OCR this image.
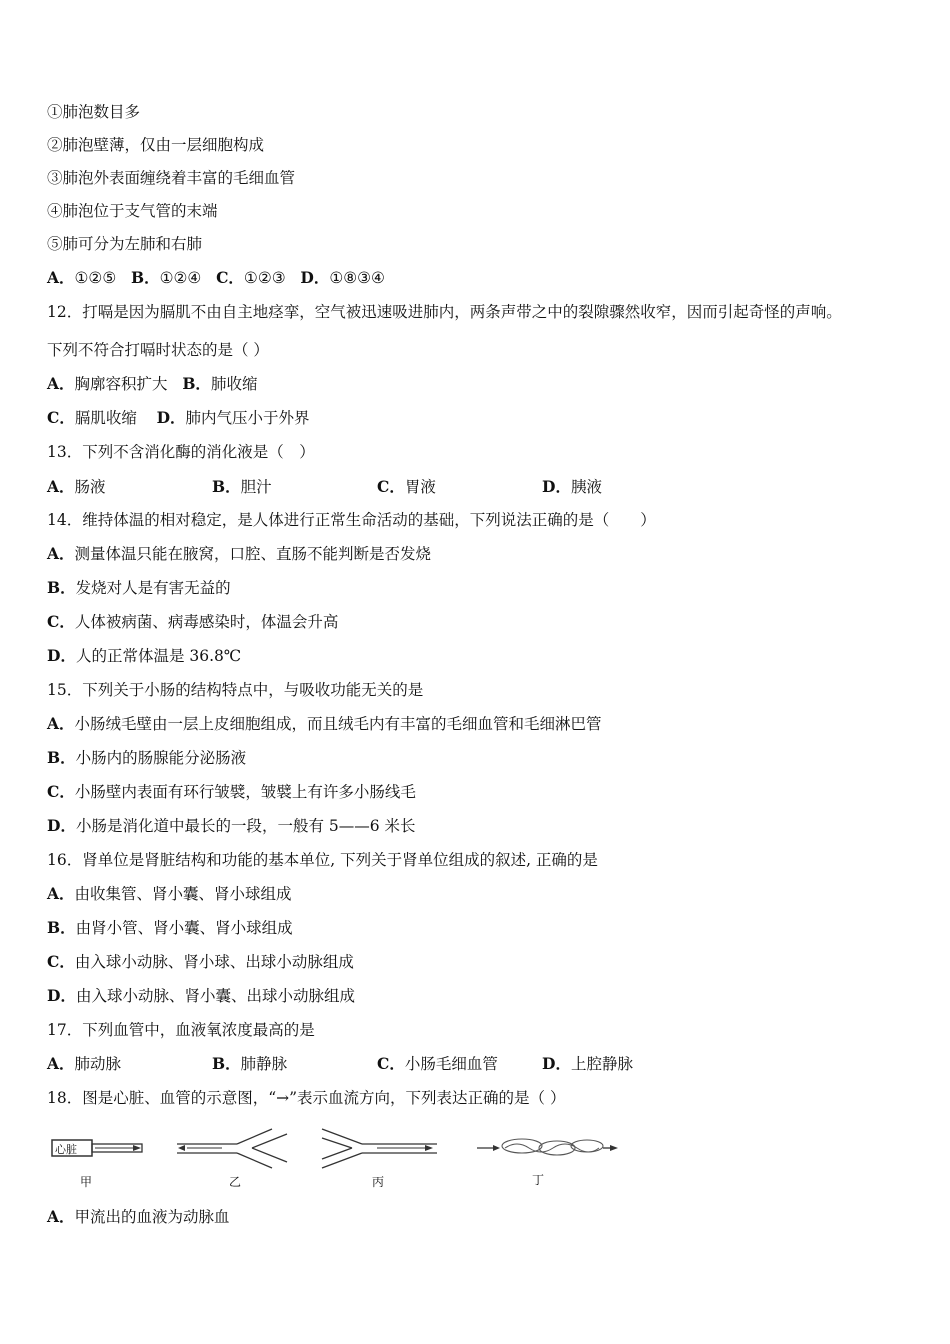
①肺泡数目多
②肺泡壁薄，仅由一层细胞构成
③肺泡外表面缠绕着丰富的毛细血管
④肺泡位于支气管的末端
⑤肺可分为左肺和右肺
A．①②⑤ B．①②④ C．①②③ D．①⑧③④
12．打嗝是因为膈肌不由自主地痉挛，空气被迅速吸进肺内，两条声带之中的裂隙骤然收窄，因而引起奇怪的声响。
下列不符合打嗝时状态的是（ ）
A．胸廓容积扩大 B．肺收缩
C．膈肌收缩 D．肺内气压小于外界
13．下列不含消化酶的消化液是（　）
A．肠液	B．胆汁	C．胃液	D．胰液
14．维持体温的相对稳定，是人体进行正常生命活动的基础，下列说法正确的是（　　）
A．测量体温只能在腋窝，口腔、直肠不能判断是否发烧
B．发烧对人是有害无益的
C．人体被病菌、病毒感染时，体温会升高
D．人的正常体温是 36.8℃
15．下列关于小肠的结构特点中，与吸收功能无关的是
A．小肠绒毛壁由一层上皮细胞组成，而且绒毛内有丰富的毛细血管和毛细淋巴管
B．小肠内的肠腺能分泌肠液
C．小肠壁内表面有环行皱襞，皱襞上有许多小肠线毛
D．小肠是消化道中最长的一段，一般有 5——6 米长
16．肾单位是肾脏结构和功能的基本单位, 下列关于肾单位组成的叙述, 正确的是
A．由收集管、肾小囊、肾小球组成
B．由肾小管、肾小囊、肾小球组成
C．由入球小动脉、肾小球、出球小动脉组成
D．由入球小动脉、肾小囊、出球小动脉组成
17．下列血管中，血液氧浓度最高的是
A．肺动脉	B．肺静脉	C．小肠毛细血管	D．上腔静脉
18．图是心脏、血管的示意图，“→”表示血流方向，下列表达正确的是（ ）
心脏
甲	乙	丙	丁
A．甲流出的血液为动脉血
